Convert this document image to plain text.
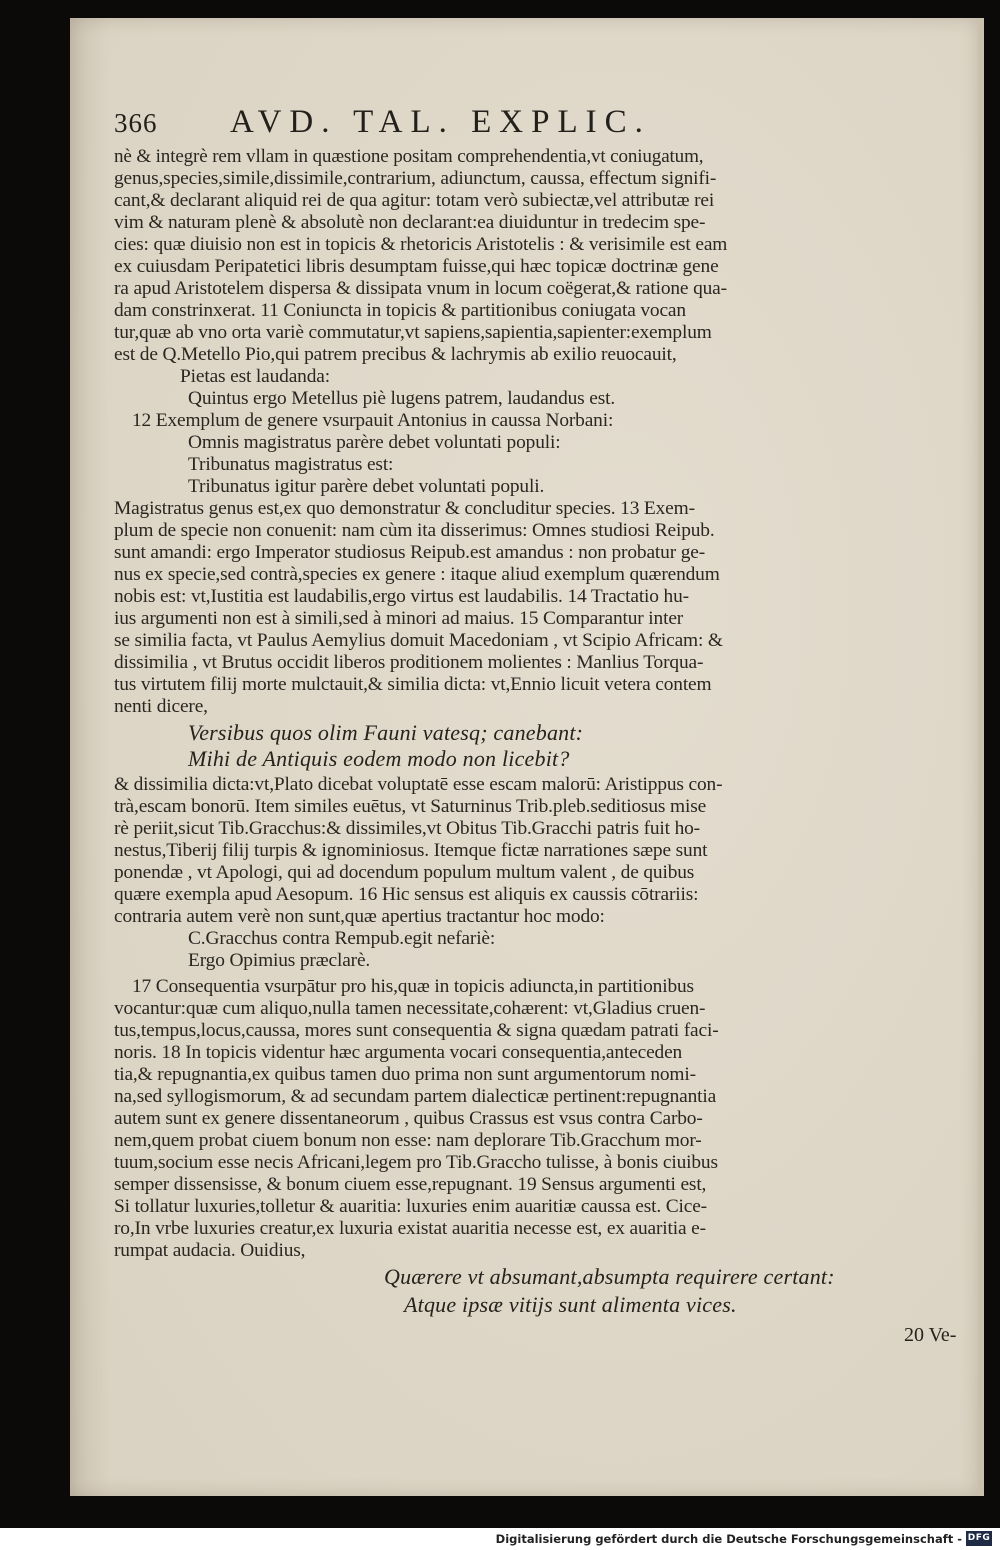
366 AVD. TAL. EXPLIC.
nè & integrè rem vllam in quæstione positam comprehendentia,vt coniugatum,
genus,species,simile,dissimile,contrarium, adiunctum, caussa, effectum signifi-
cant,& declarant aliquid rei de qua agitur: totam verò subiectæ,vel attributæ rei
vim & naturam plenè & absolutè non declarant:ea diuiduntur in tredecim spe-
cies: quæ diuisio non est in topicis & rhetoricis Aristotelis : & verisimile est eam
ex cuiusdam Peripatetici libris desumptam fuisse,qui hæc topicæ doctrinæ gene
ra apud Aristotelem dispersa & dissipata vnum in locum coëgerat,& ratione qua-
dam constrinxerat. 11 Coniuncta in topicis & partitionibus coniugata vocan
tur,quæ ab vno orta variè commutatur,vt sapiens,sapientia,sapienter:exemplum
est de Q.Metello Pio,qui patrem precibus & lachrymis ab exilio reuocauit,
Pietas est laudanda:
Quintus ergo Metellus piè lugens patrem, laudandus est.
12 Exemplum de genere vsurpauit Antonius in caussa Norbani:
Omnis magistratus parère debet voluntati populi:
Tribunatus magistratus est:
Tribunatus igitur parère debet voluntati populi.
Magistratus genus est,ex quo demonstratur & concluditur species. 13 Exem-
plum de specie non conuenit: nam cùm ita disserimus: Omnes studiosi Reipub.
sunt amandi: ergo Imperator studiosus Reipub.est amandus : non probatur ge-
nus ex specie,sed contrà,species ex genere : itaque aliud exemplum quærendum
nobis est: vt,Iustitia est laudabilis,ergo virtus est laudabilis. 14 Tractatio hu-
ius argumenti non est à simili,sed à minori ad maius. 15 Comparantur inter
se similia facta, vt Paulus Aemylius domuit Macedoniam , vt Scipio Africam: &
dissimilia , vt Brutus occidit liberos proditionem molientes : Manlius Torqua-
tus virtutem filij morte mulctauit,& similia dicta: vt,Ennio licuit vetera contem
nenti dicere,
Versibus quos olim Fauni vatesq; canebant:
Mihi de Antiquis eodem modo non licebit?
& dissimilia dicta:vt,Plato dicebat voluptatē esse escam malorū: Aristippus con-
trà,escam bonorū. Item similes euētus, vt Saturninus Trib.pleb.seditiosus mise
rè periit,sicut Tib.Gracchus:& dissimiles,vt Obitus Tib.Gracchi patris fuit ho-
nestus,Tiberij filij turpis & ignominiosus. Itemque fictæ narrationes sæpe sunt
ponendæ , vt Apologi, qui ad docendum populum multum valent , de quibus
quære exempla apud Aesopum. 16 Hic sensus est aliquis ex caussis cōtrariis:
contraria autem verè non sunt,quæ apertius tractantur hoc modo:
C.Gracchus contra Rempub.egit nefariè:
Ergo Opimius præclarè.
17 Consequentia vsurpātur pro his,quæ in topicis adiuncta,in partitionibus
vocantur:quæ cum aliquo,nulla tamen necessitate,cohærent: vt,Gladius cruen-
tus,tempus,locus,caussa, mores sunt consequentia & signa quædam patrati faci-
noris. 18 In topicis videntur hæc argumenta vocari consequentia,anteceden
tia,& repugnantia,ex quibus tamen duo prima non sunt argumentorum nomi-
na,sed syllogismorum, & ad secundam partem dialecticæ pertinent:repugnantia
autem sunt ex genere dissentaneorum , quibus Crassus est vsus contra Carbo-
nem,quem probat ciuem bonum non esse: nam deplorare Tib.Gracchum mor-
tuum,socium esse necis Africani,legem pro Tib.Graccho tulisse, à bonis ciuibus
semper dissensisse, & bonum ciuem esse,repugnant. 19 Sensus argumenti est,
Si tollatur luxuries,tolletur & auaritia: luxuries enim auaritiæ caussa est. Cice-
ro,In vrbe luxuries creatur,ex luxuria existat auaritia necesse est, ex auaritia e-
rumpat audacia. Ouidius,
Quærere vt absumant,absumpta requirere certant:
Atque ipsæ vitijs sunt alimenta vices.
20 Ve-
Digitalisierung gefördert durch die Deutsche Forschungsgemeinschaft - DFG
